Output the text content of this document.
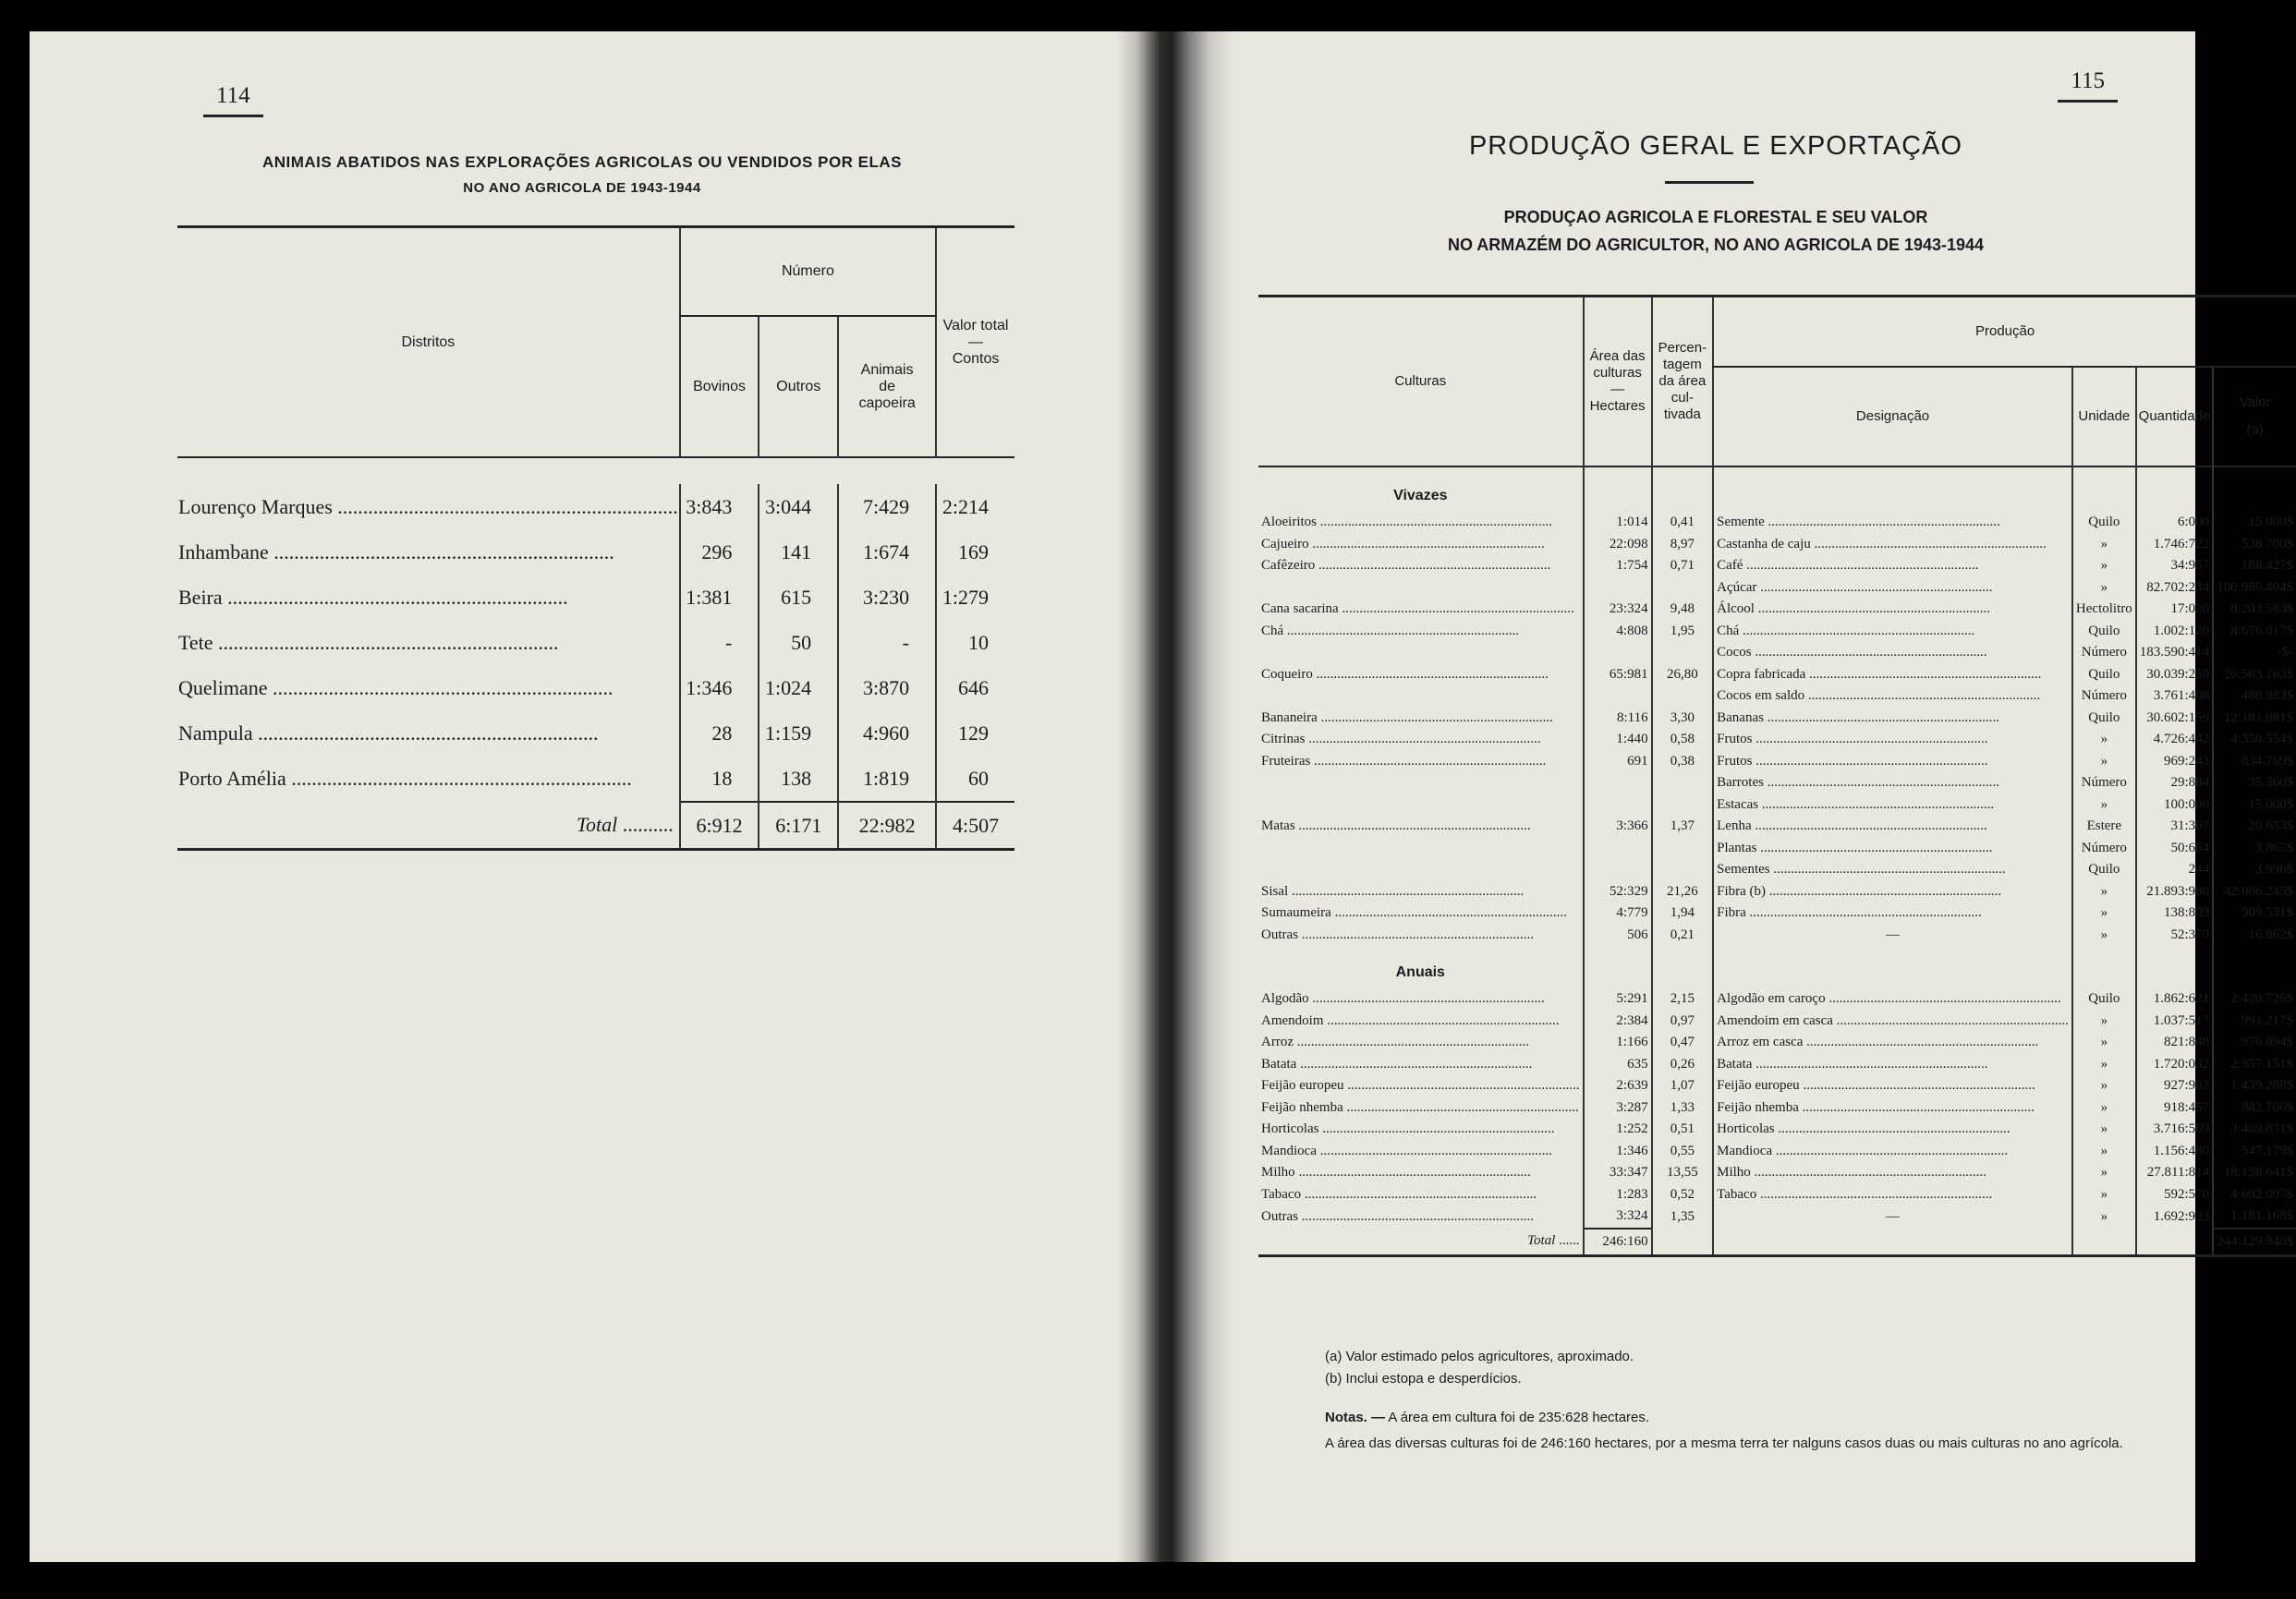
114
ANIMAIS ABATIDOS NAS EXPLORAÇÕES AGRICOLAS OU VENDIDOS POR ELAS
NO ANO AGRICOLA DE 1943-1944
Distritos	Número			Valor total
—
Contos

	Bovinos	Outros	Animais de capoeira	

Lourenço Marques .....	3:843	3:044	7:429	2:214
Inhambane .....	296	141	1:674	169
Beira .....	1:381	615	3:230	1:279
Tete .....	-	50	-	10
Quelimane .....	1:346	1:024	3:870	646
Nampula .....	28	1:159	4:960	129
Porto Amélia .....	18	138	1:819	60
Total ..........	6:912	6:171	22:982	4:507
115
PRODUÇÃO GERAL E EXPORTAÇÃO
PRODUÇAO AGRICOLA E FLORESTAL E SEU VALOR
NO ARMAZÉM DO AGRICULTOR, NO ANO AGRICOLA DE 1943-1944
Culturas	Área das culturas — Hectares	Percen-tagem da área cul-tivada	Produção			
			Designação	Unidade	Quantidade	Valor
(a)

Vivazes						
Aloeiritos .....	1:014	0,41	Semente .....	Quilo	6:000	15.000$
Cajueiro .....	22:098	8,97	Castanha de caju .....	»	1.746:722	538.700$
Cafêzeiro .....	1:754	0,71	Café .....	»	34:957	188.427$
			Açúcar .....	»	82.702:234	100:980.404$
Cana sacarina .....	23:324	9,48	Álcool .....	Hectolitro	17:020	8:203.583$
Chá .....	4:808	1,95	Chá .....	Quilo	1.002:120	8:676.017$
			Cocos .....	Número	183.590:414	-$-
Coqueiro .....	65:981	26,80	Copra fabricada .....	Quilo	30.039:259	26:563.163$
			Cocos em saldo .....	Número	3.761:408	488.983$
Bananeira .....	8:116	3,30	Bananas .....	Quilo	30.602:159	12:181.081$
Citrinas .....	1:440	0,58	Frutos .....	»	4.726:442	4:350.554$
Fruteiras .....	691	0,38	Frutos .....	»	969:243	834.769$
			Barrotes .....	Número	29:884	35.360$
			Estacas .....	»	100:000	15.000$
Matas .....	3:366	1,37	Lenha .....	Estere	31:367	20.633$
			Plantas .....	Número	50:664	3.867$
			Sementes .....	Quilo	244	3.996$
Sisal .....	52:329	21,26	Fibra (b) .....	»	21.893:980	42:086.245$
Sumaumeira .....	4:779	1,94	Fibra .....	»	138:809	909.531$
Outras .....	506	0,21	—	»	52:370	16.862$

Anuais						
Algodão .....	5:291	2,15	Algodão em caroço .....	Quilo	1.862:621	2:420.726$
Amendoim .....	2:384	0,97	Amendoim em casca .....	»	1.037:517	991.217$
Arroz .....	1:166	0,47	Arroz em casca .....	»	821:848	976.894$
Batata .....	635	0,26	Batata .....	»	1.720:032	2:957.151$
Feijão europeu .....	2:639	1,07	Feijão europeu .....	»	927:902	1:439.288$
Feijão nhemba .....	3:287	1,33	Feijão nhemba .....	»	918:457	882.706$
Horticolas .....	1:252	0,51	Horticolas .....	»	3.716:569	3:469.831$
Mandioca .....	1:346	0,55	Mandioca .....	»	1.156:480	547.179$
Milho .....	33:347	13,55	Milho .....	»	27.811:814	18:158.641$
Tabaco .....	1:283	0,52	Tabaco .....	»	592:570	4:692.097$
Outras .....	3:324	1,35	—	»	1.692:933	1:181.168$
Total ......	246:160					244:129.946$
(a) Valor estimado pelos agricultores, aproximado.
(b) Inclui estopa e desperdícios.
Notas. — A área em cultura foi de 235:628 hectares.
A área das diversas culturas foi de 246:160 hectares, por a mesma terra ter nalguns casos duas ou mais culturas no ano agrícola.
